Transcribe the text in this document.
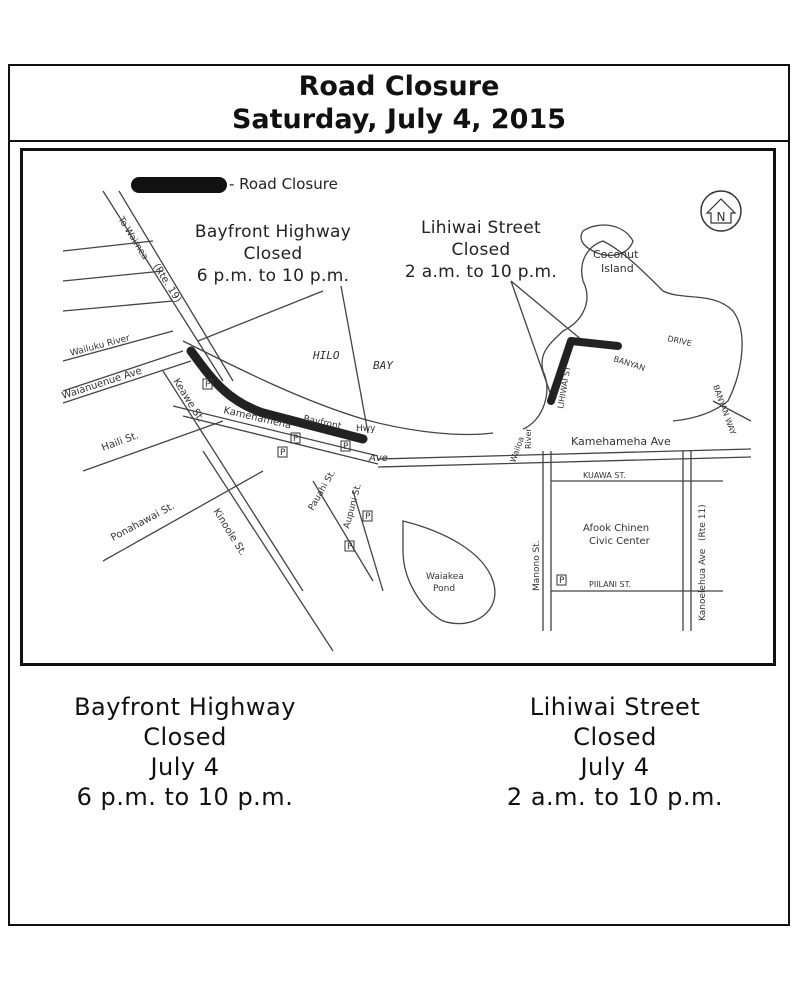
Road Closure
Saturday, July 4, 2015
N
Coconut
Island
HILO
BAY
To Waimea
(Rte. 19)
Wailuku River
Waianuenue Ave
Haili St.
Keawe St.
Ponahawai St.	Kinoole St.
Kamehameha Bayfront Hwy
Ave
Pauahi St. Aupuni St.
Waiakea
Pond
LIHIWAI ST
BANYAN
DRIVE
BANYAN WAY
Kamehameha Ave
KUAWA ST.
PIILANI ST.
Manono St.
River
Wailoa
Afook Chinen
Civic Center
Kanoelehua Ave
(Rte 11)
P
P
P
P
P
P
P
- Road Closure
Bayfront Highway
Closed
6 p.m. to 10 p.m.
Lihiwai Street
Closed
2 a.m. to 10 p.m.
Bayfront Highway
Closed
July 4
6 p.m. to 10 p.m.
Lihiwai Street
Closed
July 4
2 a.m. to 10 p.m.
